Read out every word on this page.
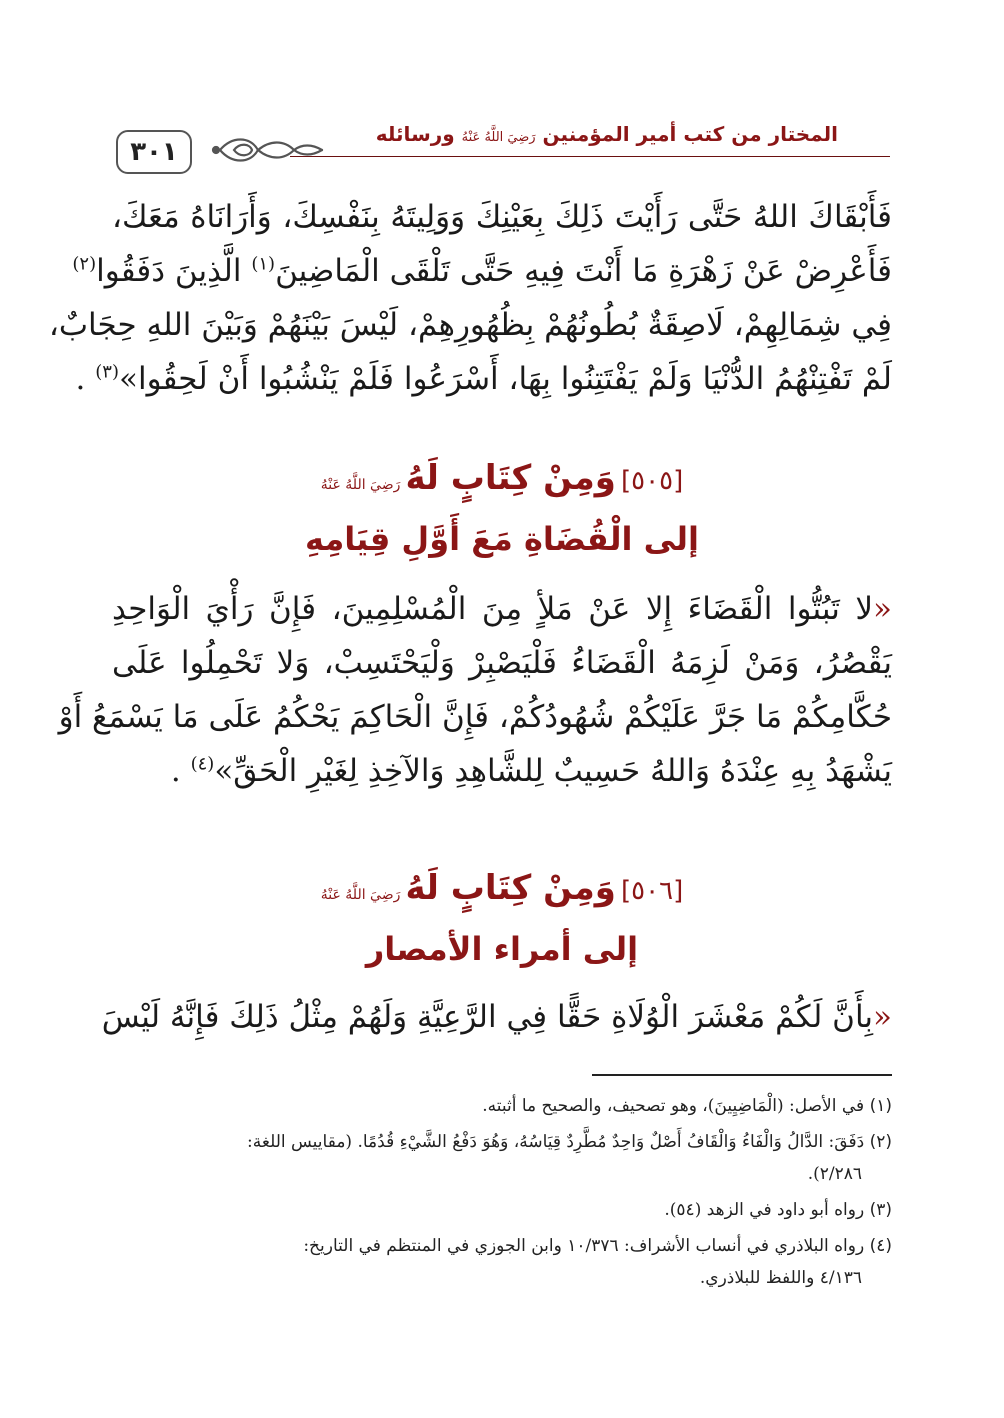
٣٠١
المختار من كتب أمير المؤمنين رَضِيَ اللَّهُ عَنْهُ ورسائله
فَأَبْقَاكَ اللهُ حَتَّى رَأَيْتَ ذَلِكَ بِعَيْنِكَ وَوَلِيتَهُ بِنَفْسِكَ، وَأَرَانَاهُ مَعَكَ،
فَأَعْرِضْ عَنْ زَهْرَةِ مَا أَنْتَ فِيهِ حَتَّى تَلْقَى الْمَاضِينَ$^{(١)}$ الَّذِينَ دَفَقُوا$^{(٢)}$
فِي شِمَالِهِمْ، لَاصِقَةٌ بُطُونُهُمْ بِظُهُورِهِمْ، لَيْسَ بَيْنَهُمْ وَبَيْنَ اللهِ حِجَابٌ،
لَمْ تَفْتِنْهُمُ الدُّنْيَا وَلَمْ يَفْتَتِنُوا بِهَا، أَسْرَعُوا فَلَمْ يَنْشُبُوا أَنْ لَحِقُوا»$^{(٣)}$ .
[٥٠٥] وَمِنْ كِتَابٍ لَهُ رَضِيَ اللَّهُ عَنْهُ
إلى الْقُضَاةِ مَعَ أَوَّلِ قِيَامِهِ
«لا تَبُتُّوا الْقَضَاءَ إِلا عَنْ مَلأٍ مِنَ الْمُسْلِمِينَ، فَإِنَّ رَأْيَ الْوَاحِدِ
يَقْصُرُ، وَمَنْ لَزِمَهُ الْقَضَاءُ فَلْيَصْبِرْ وَلْيَحْتَسِبْ، وَلا تَحْمِلُوا عَلَى
حُكَّامِكُمْ مَا جَرَّ عَلَيْكُمْ شُهُودُكُمْ، فَإِنَّ الْحَاكِمَ يَحْكُمُ عَلَى مَا يَسْمَعُ أَوْ
يَشْهَدُ بِهِ عِنْدَهُ وَاللهُ حَسِيبٌ لِلشَّاهِدِ وَالآخِذِ لِغَيْرِ الْحَقِّ»$^{(٤)}$ .
[٥٠٦] وَمِنْ كِتَابٍ لَهُ رَضِيَ اللَّهُ عَنْهُ
إلى أمراء الأمصار
«بِأَنَّ لَكُمْ مَعْشَرَ الْوُلَاةِ حَقًّا فِي الرَّعِيَّةِ وَلَهُمْ مِثْلُ ذَلِكَ فَإِنَّهُ لَيْسَ
(١) في الأصل: (الْمَاضِيِينَ)، وهو تصحيف، والصحيح ما أثبته.
(٢) دَفَقَ: الدَّالُ وَالْفَاءُ وَالْقَافُ أَصْلٌ وَاحِدٌ مُطَّرِدٌ قِيَاسُهُ، وَهُوَ دَفْعُ الشَّيْءِ قُدُمًا. (مقاييس اللغة:
٢/٢٨٦).
(٣) رواه أبو داود في الزهد (٥٤).
(٤) رواه البلاذري في أنساب الأشراف: ١٠/٣٧٦ وابن الجوزي في المنتظم في التاريخ:
٤/١٣٦ واللفظ للبلاذري.
